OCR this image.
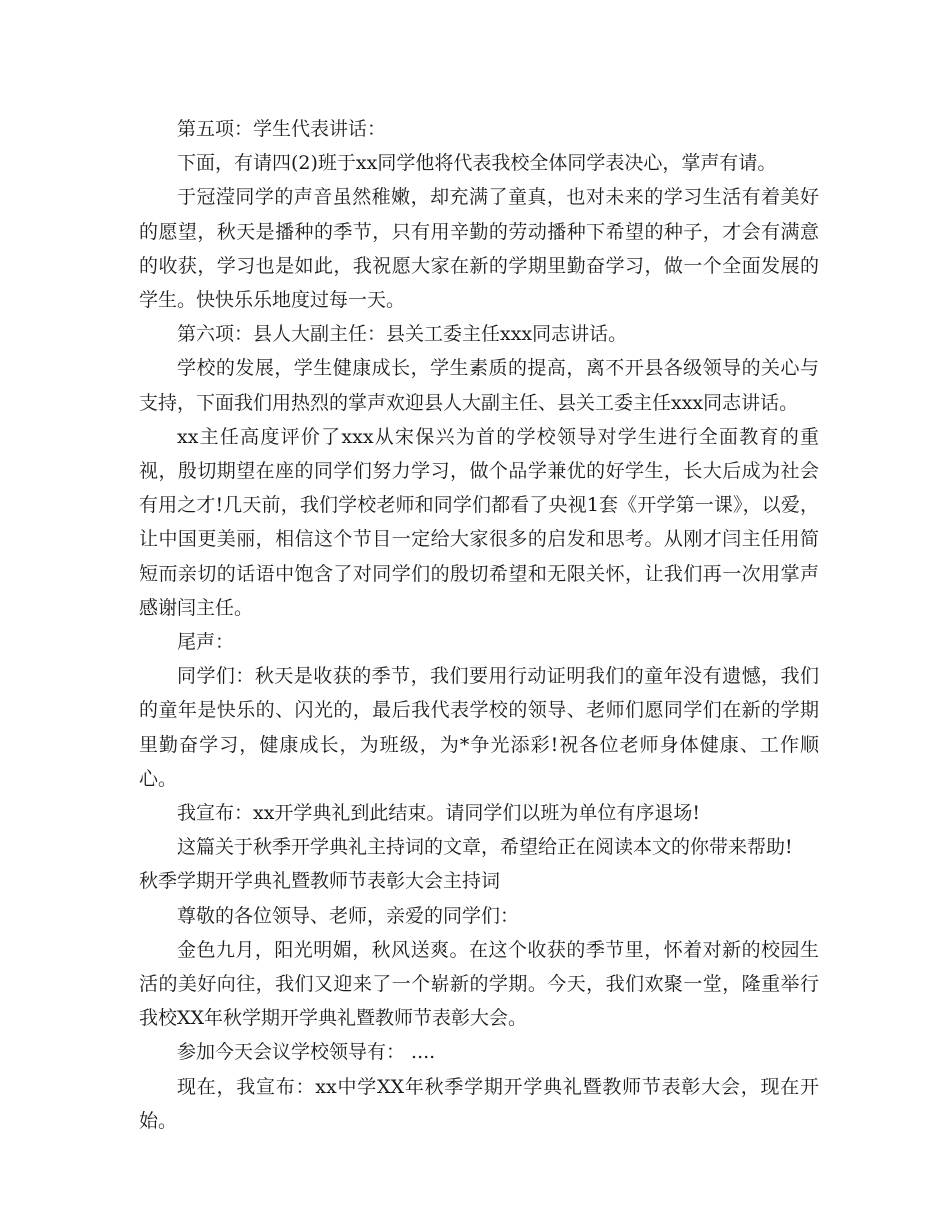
第五项：学生代表讲话：

下面，有请四(2)班于xx同学他将代表我校全体同学表决心，掌声有请。

于冠滢同学的声音虽然稚嫩，却充满了童真，也对未来的学习生活有着美好的愿望，秋天是播种的季节，只有用辛勤的劳动播种下希望的种子，才会有满意的收获，学习也是如此，我祝愿大家在新的学期里勤奋学习，做一个全面发展的学生。快快乐乐地度过每一天。

第六项：县人大副主任：县关工委主任xxx同志讲话。

学校的发展，学生健康成长，学生素质的提高，离不开县各级领导的关心与支持，下面我们用热烈的掌声欢迎县人大副主任、县关工委主任xxx同志讲话。

xx主任高度评价了xxx从宋保兴为首的学校领导对学生进行全面教育的重视，殷切期望在座的同学们努力学习，做个品学兼优的好学生，长大后成为社会有用之才!几天前，我们学校老师和同学们都看了央视1套《开学第一课》，以爱，让中国更美丽，相信这个节目一定给大家很多的启发和思考。从刚才闫主任用简短而亲切的话语中饱含了对同学们的殷切希望和无限关怀，让我们再一次用掌声感谢闫主任。

尾声：

同学们：秋天是收获的季节，我们要用行动证明我们的童年没有遗憾，我们的童年是快乐的、闪光的，最后我代表学校的领导、老师们愿同学们在新的学期里勤奋学习，健康成长，为班级，为*争光添彩!祝各位老师身体健康、工作顺心。

我宣布：xx开学典礼到此结束。请同学们以班为单位有序退场!

这篇关于秋季开学典礼主持词的文章，希望给正在阅读本文的你带来帮助!

秋季学期开学典礼暨教师节表彰大会主持词

尊敬的各位领导、老师，亲爱的同学们：

金色九月，阳光明媚，秋风送爽。在这个收获的季节里，怀着对新的校园生活的美好向往，我们又迎来了一个崭新的学期。今天，我们欢聚一堂，隆重举行我校XX年秋学期开学典礼暨教师节表彰大会。

参加今天会议学校领导有： ....

现在，我宣布：xx中学XX年秋季学期开学典礼暨教师节表彰大会，现在开始。
